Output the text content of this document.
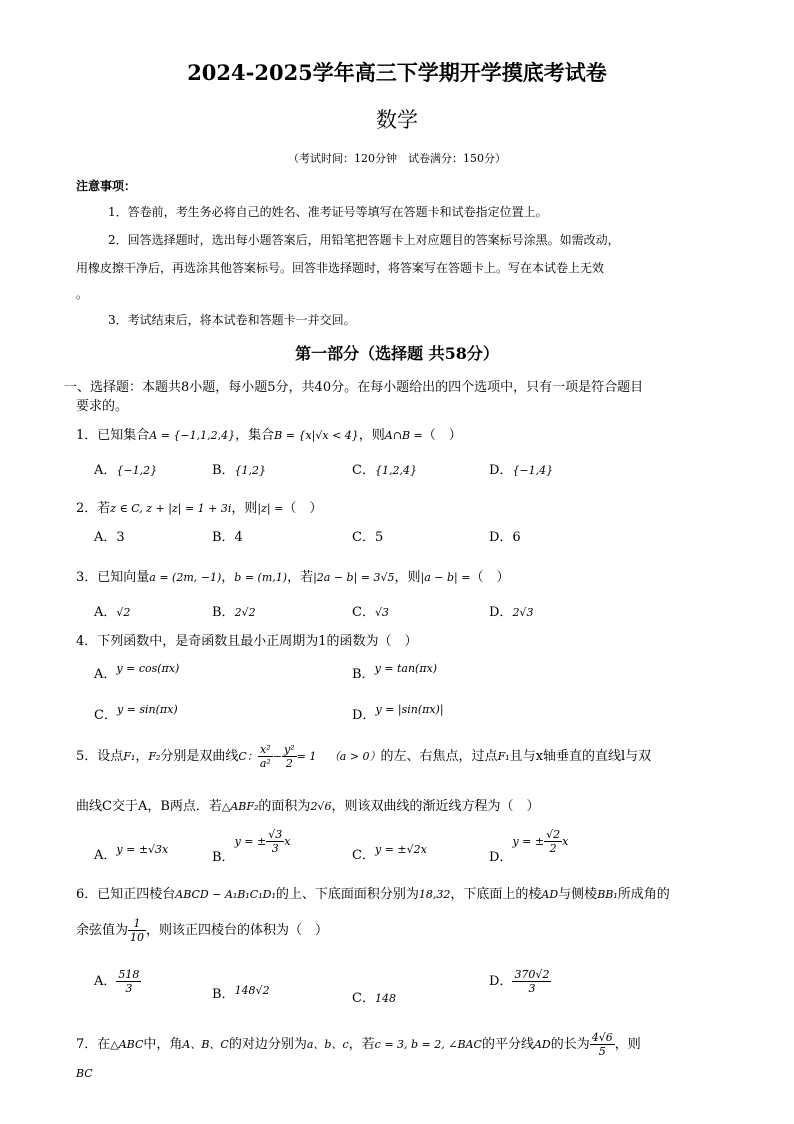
2024-2025学年高三下学期开学摸底考试卷
数学
（考试时间：120分钟　试卷满分：150分）
注意事项：
1．答卷前，考生务必将自己的姓名、准考证号等填写在答题卡和试卷指定位置上。
2．回答选择题时，选出每小题答案后，用铅笔把答题卡上对应题目的答案标号涂黑。如需改动，
用橡皮擦干净后，再选涂其他答案标号。回答非选择题时，将答案写在答题卡上。写在本试卷上无效
。
3．考试结束后，将本试卷和答题卡一并交回。
第一部分（选择题 共58分）
一、选择题：本题共8小题，每小题5分，共40分。在每小题给出的四个选项中，只有一项是符合题目
要求的。
1．已知集合A = {−1,1,2,4}，集合B = {x|√x < 4}，则A∩B =（　）
A．{−1,2}	B．{1,2}	C．{1,2,4}	D．{−1,4}
2．若z ∈ C, z + |z| = 1 + 3i，则|z| =（　）
A．3	B．4	C．5	D．6
3．已知向量a = (2m, −1)，b = (m,1)，若|2a − b| = 3√5，则|a − b| =（　）
A．√2	B．2√2	C．√3	D．2√3
4．下列函数中，是奇函数且最小正周期为1的函数为（　）
A．$^{y = cos(\pi x)}$	B．$^{y = tan(\pi x)}$
C．$^{y = sin(\pi x)}$	D．$^{y = |sin(\pi x)|}$
5．设点F₁，F₂分别是双曲线C： $\frac{\text{x²}}{\text{a²}} - \frac{\text{y²}}{2} = 1$ （a > 0）的左、右焦点，过点F₁且与x轴垂直的直线l与双
曲线C交于A，B两点．若△ABF₂的面积为2√6，则该双曲线的渐近线方程为（　）
A．$^{y = \pm√3x}$
B．y = ± $\frac{√3}{3}$ x
C．$^{y = \pm√2x}$
D．y = ± $\frac{√2}{2}$ x
6．已知正四棱台ABCD − A₁B₁C₁D₁的上、下底面面积分别为18,32，下底面上的棱AD与侧棱BB₁所成角的
余弦值为 $\frac{1}{10}$ ，则该正四棱台的体积为（　）
A． $\frac{518}{3}$	B．$^{148√2}$
C．148
D． $\frac{370√2}{3}$
7．在△ABC中，角A、B、C的对边分别为a、b、c，若c = 3, b = 2, ∠BAC的平分线AD的长为 $\frac{4√6}{5}$ ，则
BC
